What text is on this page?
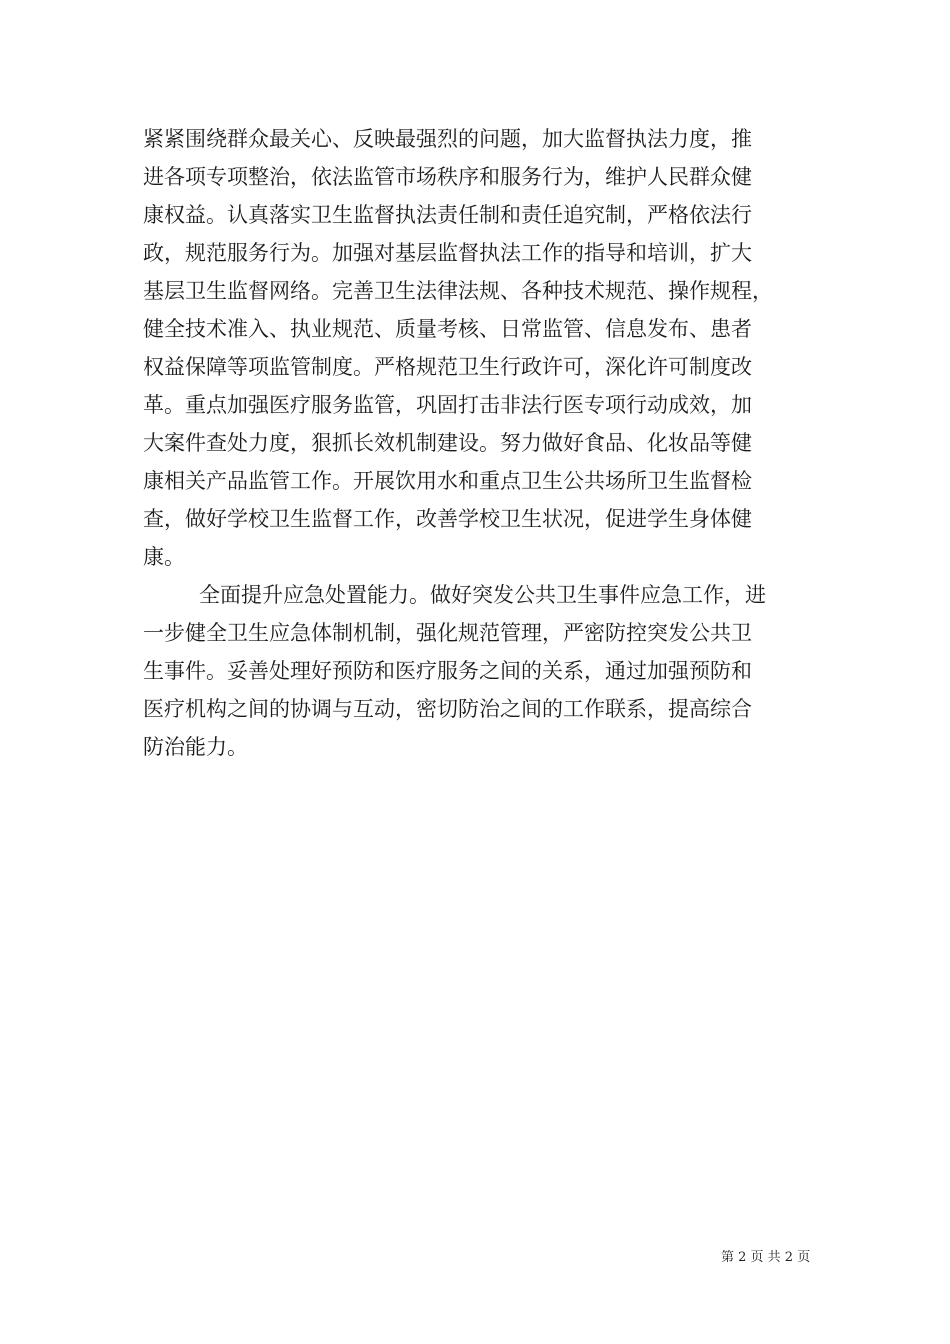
紧紧围绕群众最关心、反映最强烈的问题，加大监督执法力度，推
进各项专项整治，依法监管市场秩序和服务行为，维护人民群众健
康权益。认真落实卫生监督执法责任制和责任追究制，严格依法行
政，规范服务行为。加强对基层监督执法工作的指导和培训，扩大
基层卫生监督网络。完善卫生法律法规、各种技术规范、操作规程，
健全技术准入、执业规范、质量考核、日常监管、信息发布、患者
权益保障等项监管制度。严格规范卫生行政许可，深化许可制度改
革。重点加强医疗服务监管，巩固打击非法行医专项行动成效，加
大案件查处力度，狠抓长效机制建设。努力做好食品、化妆品等健
康相关产品监管工作。开展饮用水和重点卫生公共场所卫生监督检
查，做好学校卫生监督工作，改善学校卫生状况，促进学生身体健
康。
全面提升应急处置能力。做好突发公共卫生事件应急工作，进
一步健全卫生应急体制机制，强化规范管理，严密防控突发公共卫
生事件。妥善处理好预防和医疗服务之间的关系，通过加强预防和
医疗机构之间的协调与互动，密切防治之间的工作联系，提高综合
防治能力。
第 2 页 共 2 页
